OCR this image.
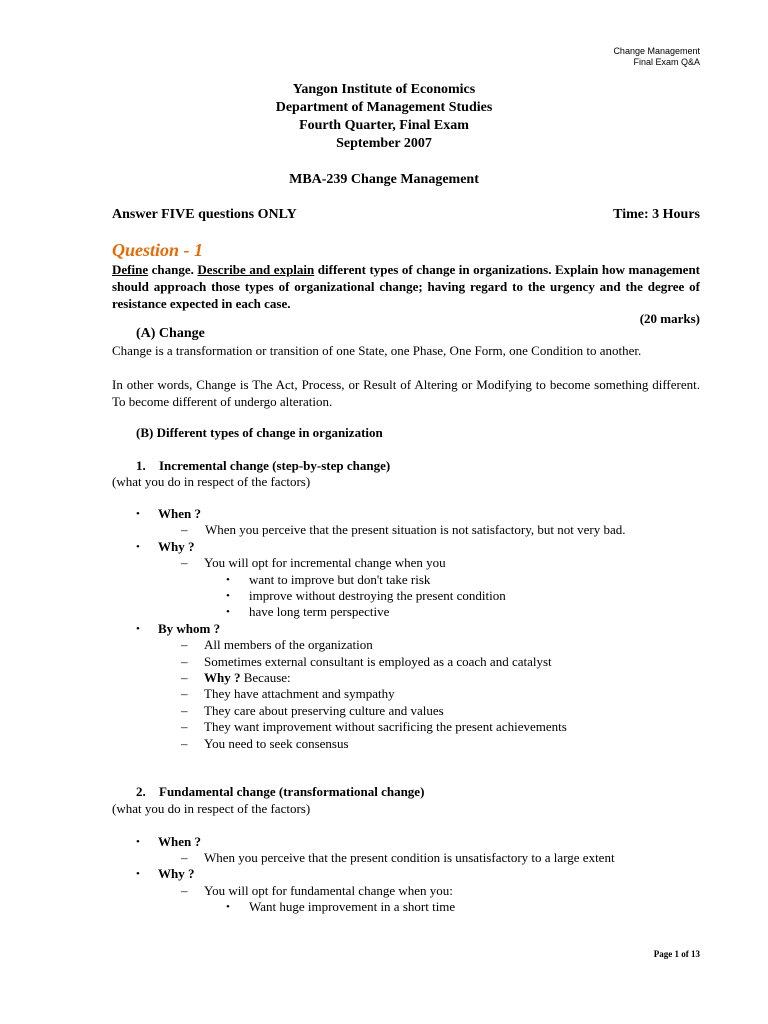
Change Management
Final Exam Q&A
Yangon Institute of Economics
Department of Management Studies
Fourth Quarter, Final Exam
September 2007
MBA-239 Change Management
Answer FIVE questions ONLY	Time: 3 Hours
Question - 1
Define change. Describe and explain different types of change in organizations. Explain how management should approach those types of organizational change; having regard to the urgency and the degree of resistance expected in each case.
(20 marks)
(A) Change
Change is a transformation or transition of one State, one Phase, One Form, one Condition to another.
In other words, Change is The Act, Process, or Result of Altering or Modifying to become something different. To become different of undergo alteration.
(B) Different types of change in organization
1. Incremental change (step-by-step change)
(what you do in respect of the factors)
• When ?
– When you perceive that the present situation is not satisfactory, but not very bad.
• Why ?
– You will opt for incremental change when you
• want to improve but don't take risk
• improve without destroying the present condition
• have long term perspective
• By whom ?
– All members of the organization
– Sometimes external consultant is employed as a coach and catalyst
– Why ? Because:
– They have attachment and sympathy
– They care about preserving culture and values
– They want improvement without sacrificing the present achievements
– You need to seek consensus
2. Fundamental change (transformational change)
(what you do in respect of the factors)
• When ?
– When you perceive that the present condition is unsatisfactory to a large extent
• Why ?
– You will opt for fundamental change when you:
• Want huge improvement in a short time
Page 1 of 13
